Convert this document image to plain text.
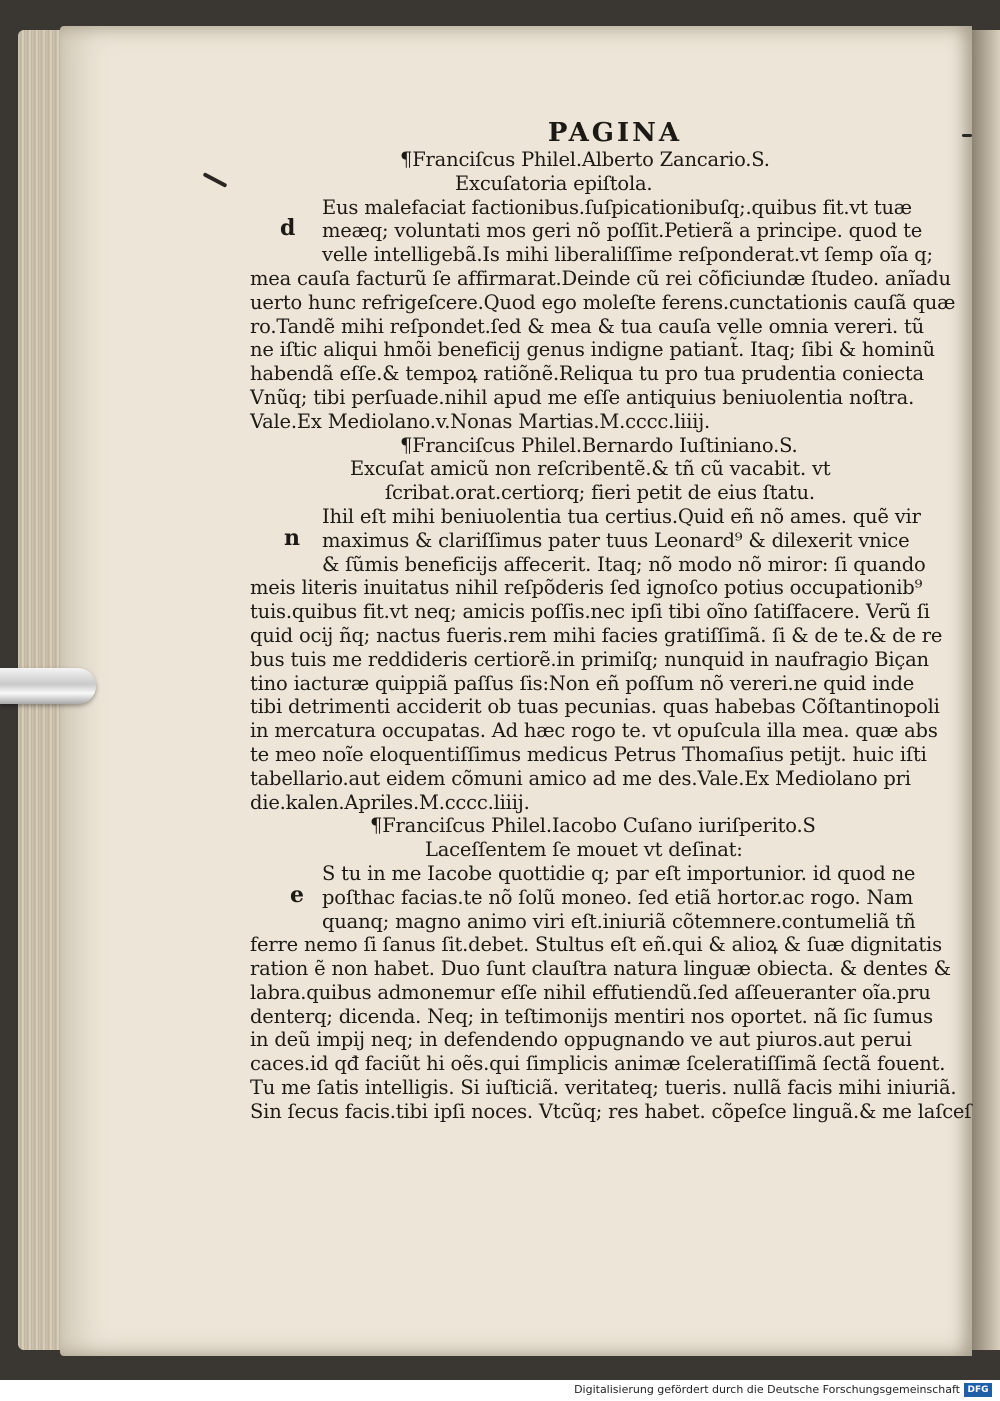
PAGINA
¶Franciſcus Philel.Alberto Zancario.S.
Excuſatoria epiſtola.
Eus malefaciat factionibus.ſuſpicationibuſq;.quibus fit.vt tuæ
d meæq; voluntati mos geri nõ poſſit.Petierã a principe. quod te
velle intelligebã.Is mihi liberaliſſime reſponderat.vt ſemp oĩa q;
mea cauſa facturũ ſe affirmarat.Deinde cũ rei cõficiundæ ſtudeo. anĩadu
uerto hunc refrigeſcere.Quod ego moleſte ferens.cunctationis cauſã quæ
ro.Tandẽ mihi reſpondet.ſed & mea & tua cauſa velle omnia vereri. tũ
ne iſtic aliqui hmõi beneficij genus indigne patiant̃. Itaq; ſibi & hominũ
habendã eſſe.& tempoꝝ ratiõnẽ.Reliqua tu pro tua prudentia coniecta
Vnũq; tibi perſuade.nihil apud me eſſe antiquius beniuolentia noſtra.
Vale.Ex Mediolano.v.Nonas Martias.M.cccc.liiij.
¶Franciſcus Philel.Bernardo Iuſtiniano.S.
Excuſat amicũ non reſcribentẽ.& tñ cũ vacabit. vt
ſcribat.orat.certiorq; fieri petit de eius ſtatu.
Ihil eſt mihi beniuolentia tua certius.Quid eñ nõ ames. quẽ vir
n maximus & clariſſimus pater tuus Leonard⁹ & dilexerit vnice
& ſũmis beneficijs affecerit. Itaq; nõ modo nõ miror: ſi quando
meis literis inuitatus nihil reſpõderis ſed ignoſco potius occupationib⁹
tuis.quibus fit.vt neq; amicis poſſis.nec ipſi tibi oĩno ſatiſfacere. Verũ ſi
quid ocij ñq; nactus fueris.rem mihi facies gratiſſimã. ſi & de te.& de re
bus tuis me reddideris certiorẽ.in primiſq; nunquid in naufragio Biçan
tino iacturæ quippiã paſſus ſis:Non eñ poſſum nõ vereri.ne quid inde
tibi detrimenti acciderit ob tuas pecunias. quas habebas Cõſtantinopoli
in mercatura occupatas. Ad hæc rogo te. vt opuſcula illa mea. quæ abs
te meo noĩe eloquentiſſimus medicus Petrus Thomaſius petijt. huic iſti
tabellario.aut eidem cõmuni amico ad me des.Vale.Ex Mediolano pri
die.kalen.Apriles.M.cccc.liiij.
¶Franciſcus Philel.Iacobo Cuſano iuriſperito.S
Laceſſentem ſe mouet vt deſinat:
S tu in me Iacobe quottidie q; par eſt importunior. id quod ne
e poſthac facias.te nõ ſolũ moneo. ſed etiã hortor.ac rogo. Nam
quanq; magno animo viri eſt.iniuriã cõtemnere.contumeliã tñ
ferre nemo ſi ſanus ſit.debet. Stultus eſt eñ.qui & alioꝝ & ſuæ dignitatis
ration ẽ non habet. Duo ſunt clauſtra natura linguæ obiecta. & dentes &
labra.quibus admonemur eſſe nihil effutiendũ.ſed aſſeueranter oĩa.pru
denterq; dicenda. Neq; in teſtimonijs mentiri nos oportet. nã ſic ſumus
in deũ impij neq; in defendendo oppugnando ve aut piuros.aut perui
caces.id qđ faciũt hi oẽs.qui ſimplicis animæ ſceleratiſſimã ſectã fouent.
Tu me ſatis intelligis. Si iuſticiã. veritateq; tueris. nullã facis mihi iniuriã.
Sin ſecus facis.tibi ipſi noces. Vtcũq; res habet. cõpeſce linguã.& me laſceſ
Digitalisierung gefördert durch die Deutsche Forschungsgemeinschaft DFG
